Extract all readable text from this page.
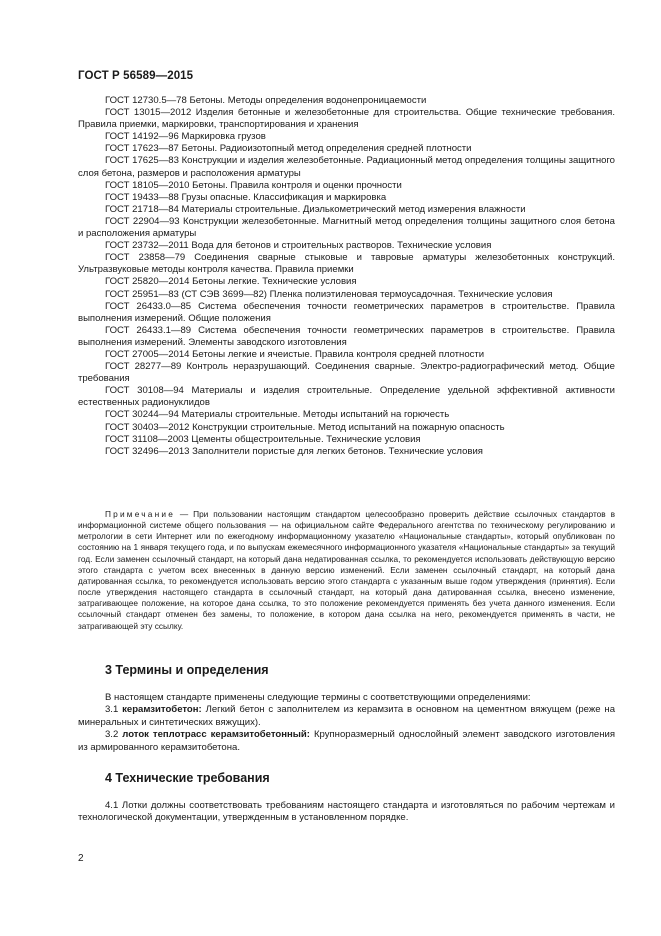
ГОСТ Р 56589—2015

ГОСТ 12730.5—78 Бетоны. Методы определения водонепроницаемости

ГОСТ 13015—2012 Изделия бетонные и железобетонные для строительства. Общие технические требования. Правила приемки, маркировки, транспортирования и хранения

ГОСТ 14192—96 Маркировка грузов

ГОСТ 17623—87 Бетоны. Радиоизотопный метод определения средней плотности

ГОСТ 17625—83 Конструкции и изделия железобетонные. Радиационный метод определения толщины защитного слоя бетона, размеров и расположения арматуры

ГОСТ 18105—2010 Бетоны. Правила контроля и оценки прочности

ГОСТ 19433—88 Грузы опасные. Классификация и маркировка

ГОСТ 21718—84 Материалы строительные. Диэлькометрический метод измерения влажности

ГОСТ 22904—93 Конструкции железобетонные. Магнитный метод определения толщины защитного слоя бетона и расположения арматуры

ГОСТ 23732—2011 Вода для бетонов и строительных растворов. Технические условия

ГОСТ 23858—79 Соединения сварные стыковые и тавровые арматуры железобетонных конструкций. Ультразвуковые методы контроля качества. Правила приемки

ГОСТ 25820—2014 Бетоны легкие. Технические условия

ГОСТ 25951—83 (СТ СЭВ 3699—82) Пленка полиэтиленовая термоусадочная. Технические условия

ГОСТ 26433.0—85 Система обеспечения точности геометрических параметров в строительстве. Правила выполнения измерений. Общие положения

ГОСТ 26433.1—89 Система обеспечения точности геометрических параметров в строительстве. Правила выполнения измерений. Элементы заводского изготовления

ГОСТ 27005—2014 Бетоны легкие и ячеистые. Правила контроля средней плотности

ГОСТ 28277—89 Контроль неразрушающий. Соединения сварные. Электро-радиографический метод. Общие требования

ГОСТ 30108—94 Материалы и изделия строительные. Определение удельной эффективной активности естественных радионуклидов

ГОСТ 30244—94 Материалы строительные. Методы испытаний на горючесть

ГОСТ 30403—2012 Конструкции строительные. Метод испытаний на пожарную опасность

ГОСТ 31108—2003 Цементы общестроительные. Технические условия

ГОСТ 32496—2013 Заполнители пористые для легких бетонов. Технические условия

Примечание — При пользовании настоящим стандартом целесообразно проверить действие ссылочных стандартов в информационной системе общего пользования — на официальном сайте Федерального агентства по техническому регулированию и метрологии в сети Интернет или по ежегодному информационному указателю «Национальные стандарты», который опубликован по состоянию на 1 января текущего года, и по выпускам ежемесячного информационного указателя «Национальные стандарты» за текущий год. Если заменен ссылочный стандарт, на который дана недатированная ссылка, то рекомендуется использовать действующую версию этого стандарта с учетом всех внесенных в данную версию изменений. Если заменен ссылочный стандарт, на который дана датированная ссылка, то рекомендуется использовать версию этого стандарта с указанным выше годом утверждения (принятия). Если после утверждения настоящего стандарта в ссылочный стандарт, на который дана датированная ссылка, внесено изменение, затрагивающее положение, на которое дана ссылка, то это положение рекомендуется применять без учета данного изменения. Если ссылочный стандарт отменен без замены, то положение, в котором дана ссылка на него, рекомендуется применять в части, не затрагивающей эту ссылку.

3 Термины и определения

В настоящем стандарте применены следующие термины с соответствующими определениями:

3.1 керамзитобетон: Легкий бетон с заполнителем из керамзита в основном на цементном вяжущем (реже на минеральных и синтетических вяжущих).

3.2 лоток теплотрасс керамзитобетонный: Крупноразмерный однослойный элемент заводского изготовления из армированного керамзитобетона.

4 Технические требования

4.1 Лотки должны соответствовать требованиям настоящего стандарта и изготовляться по рабочим чертежам и технологической документации, утвержденным в установленном порядке.

2
